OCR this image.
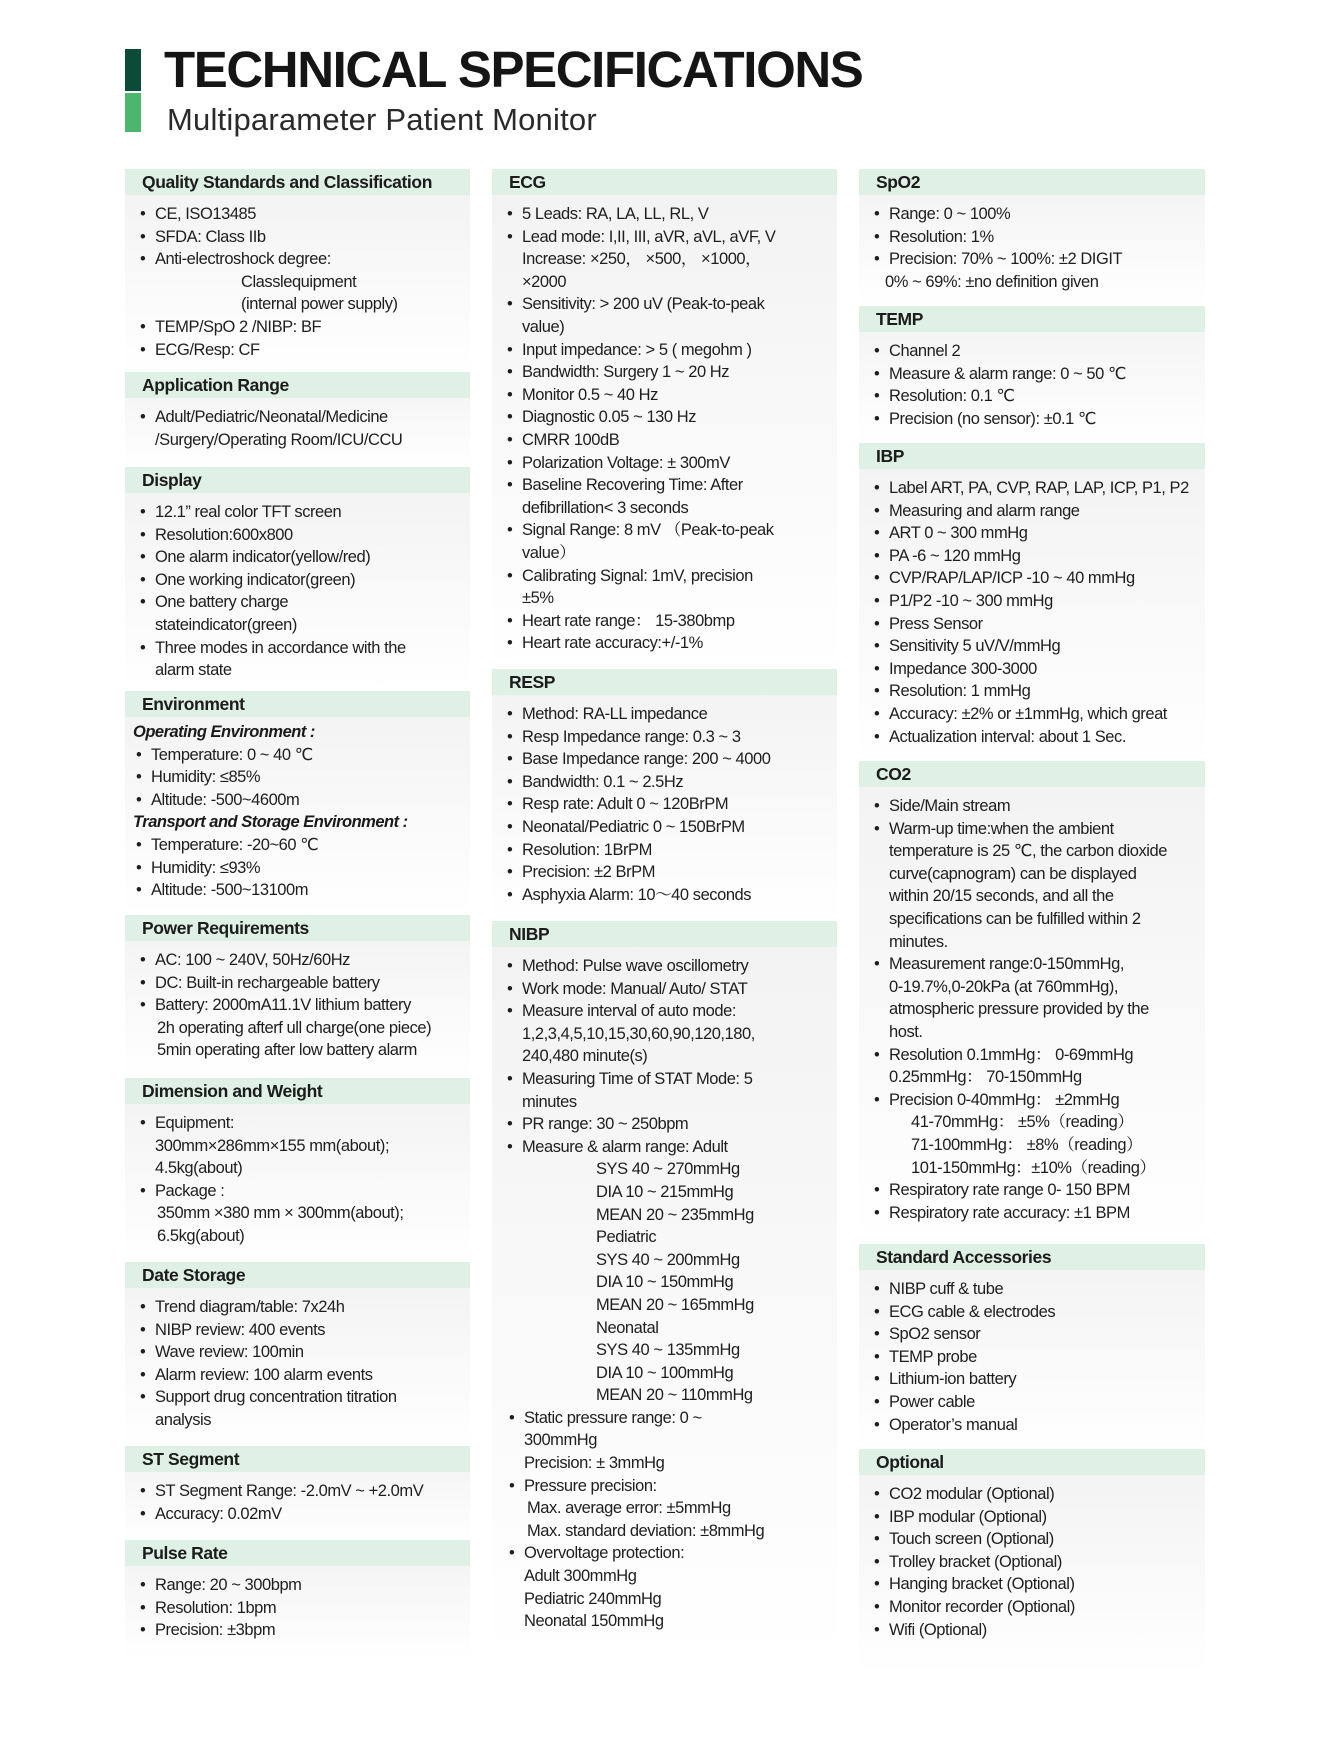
TECHNICAL SPECIFICATIONS
Multiparameter Patient Monitor
Quality Standards and Classification
• CE, ISO13485
• SFDA: Class IIb
• Anti-electroshock degree:
Classlequipment
(internal power supply)
• TEMP/SpO 2 /NIBP: BF
• ECG/Resp: CF
Application Range
• Adult/Pediatric/Neonatal/Medicine
/Surgery/Operating Room/ICU/CCU
Display
• 12.1” real color TFT screen
• Resolution:600x800
• One alarm indicator(yellow/red)
• One working indicator(green)
• One battery charge
stateindicator(green)
• Three modes in accordance with the
alarm state
Environment
Operating Environment :
• Temperature: 0 ~ 40 ℃
• Humidity: ≤85%
• Altitude: -500~4600m
Transport and Storage Environment :
• Temperature: -20~60 ℃
• Humidity: ≤93%
• Altitude: -500~13100m
Power Requirements
• AC: 100 ~ 240V, 50Hz/60Hz
• DC: Built-in rechargeable battery
• Battery: 2000mA11.1V lithium battery
2h operating afterf ull charge(one piece)
5min operating after low battery alarm
Dimension and Weight
• Equipment:
300mm×286mm×155 mm(about);
4.5kg(about)
• Package :
350mm ×380 mm × 300mm(about);
6.5kg(about)
Date Storage
• Trend diagram/table: 7x24h
• NIBP review: 400 events
• Wave review: 100min
• Alarm review: 100 alarm events
• Support drug concentration titration
analysis
ST Segment
• ST Segment Range: -2.0mV ~ +2.0mV
• Accuracy: 0.02mV
Pulse Rate
• Range: 20 ~ 300bpm
• Resolution: 1bpm
• Precision: ±3bpm
ECG
• 5 Leads: RA, LA, LL, RL, V
• Lead mode: I,II, III, aVR, aVL, aVF, V
Increase: ×250， ×500， ×1000，
×2000
• Sensitivity: > 200 uV (Peak-to-peak
value)
• Input impedance: > 5 ( megohm )
• Bandwidth: Surgery 1 ~ 20 Hz
• Monitor 0.5 ~ 40 Hz
• Diagnostic 0.05 ~ 130 Hz
• CMRR 100dB
• Polarization Voltage: ± 300mV
• Baseline Recovering Time: After
defibrillation< 3 seconds
• Signal Range: 8 mV （Peak-to-peak
value）
• Calibrating Signal: 1mV, precision
±5%
• Heart rate range： 15-380bmp
• Heart rate accuracy:+/-1%
RESP
• Method: RA-LL impedance
• Resp Impedance range: 0.3 ~ 3
• Base Impedance range: 200 ~ 4000
• Bandwidth: 0.1 ~ 2.5Hz
• Resp rate: Adult 0 ~ 120BrPM
• Neonatal/Pediatric 0 ~ 150BrPM
• Resolution: 1BrPM
• Precision: ±2 BrPM
• Asphyxia Alarm: 10～40 seconds
NIBP
• Method: Pulse wave oscillometry
• Work mode: Manual/ Auto/ STAT
• Measure interval of auto mode:
1,2,3,4,5,10,15,30,60,90,120,180,
240,480 minute(s)
• Measuring Time of STAT Mode: 5
minutes
• PR range: 30 ~ 250bpm
• Measure & alarm range: Adult
SYS 40 ~ 270mmHg
DIA 10 ~ 215mmHg
MEAN 20 ~ 235mmHg
Pediatric
SYS 40 ~ 200mmHg
DIA 10 ~ 150mmHg
MEAN 20 ~ 165mmHg
Neonatal
SYS 40 ~ 135mmHg
DIA 10 ~ 100mmHg
MEAN 20 ~ 110mmHg
• Static pressure range: 0 ~
300mmHg
Precision: ± 3mmHg
• Pressure precision:
Max. average error: ±5mmHg
Max. standard deviation: ±8mmHg
• Overvoltage protection:
Adult 300mmHg
Pediatric 240mmHg
Neonatal 150mmHg
SpO2
• Range: 0 ~ 100%
• Resolution: 1%
• Precision: 70% ~ 100%: ±2 DIGIT
0% ~ 69%: ±no definition given
TEMP
• Channel 2
• Measure & alarm range: 0 ~ 50 ℃
• Resolution: 0.1 ℃
• Precision (no sensor): ±0.1 ℃
IBP
• Label ART, PA, CVP, RAP, LAP, ICP, P1, P2
• Measuring and alarm range
• ART 0 ~ 300 mmHg
• PA -6 ~ 120 mmHg
• CVP/RAP/LAP/ICP -10 ~ 40 mmHg
• P1/P2 -10 ~ 300 mmHg
• Press Sensor
• Sensitivity 5 uV/V/mmHg
• Impedance 300-3000
• Resolution: 1 mmHg
• Accuracy: ±2% or ±1mmHg, which great
• Actualization interval: about 1 Sec.
CO2
• Side/Main stream
• Warm-up time:when the ambient
temperature is 25 ℃, the carbon dioxide
curve(capnogram) can be displayed
within 20/15 seconds, and all the
specifications can be fulfilled within 2
minutes.
• Measurement range:0-150mmHg,
0-19.7%,0-20kPa (at 760mmHg),
atmospheric pressure provided by the
host.
• Resolution 0.1mmHg： 0-69mmHg
0.25mmHg： 70-150mmHg
• Precision 0-40mmHg： ±2mmHg
41-70mmHg： ±5%（reading）
71-100mmHg： ±8%（reading）
101-150mmHg：±10%（reading）
• Respiratory rate range 0- 150 BPM
• Respiratory rate accuracy: ±1 BPM
Standard Accessories
• NIBP cuff & tube
• ECG cable & electrodes
• SpO2 sensor
• TEMP probe
• Lithium-ion battery
• Power cable
• Operator’s manual
Optional
• CO2 modular (Optional)
• IBP modular (Optional)
• Touch screen (Optional)
• Trolley bracket (Optional)
• Hanging bracket (Optional)
• Monitor recorder (Optional)
• Wifi (Optional)
